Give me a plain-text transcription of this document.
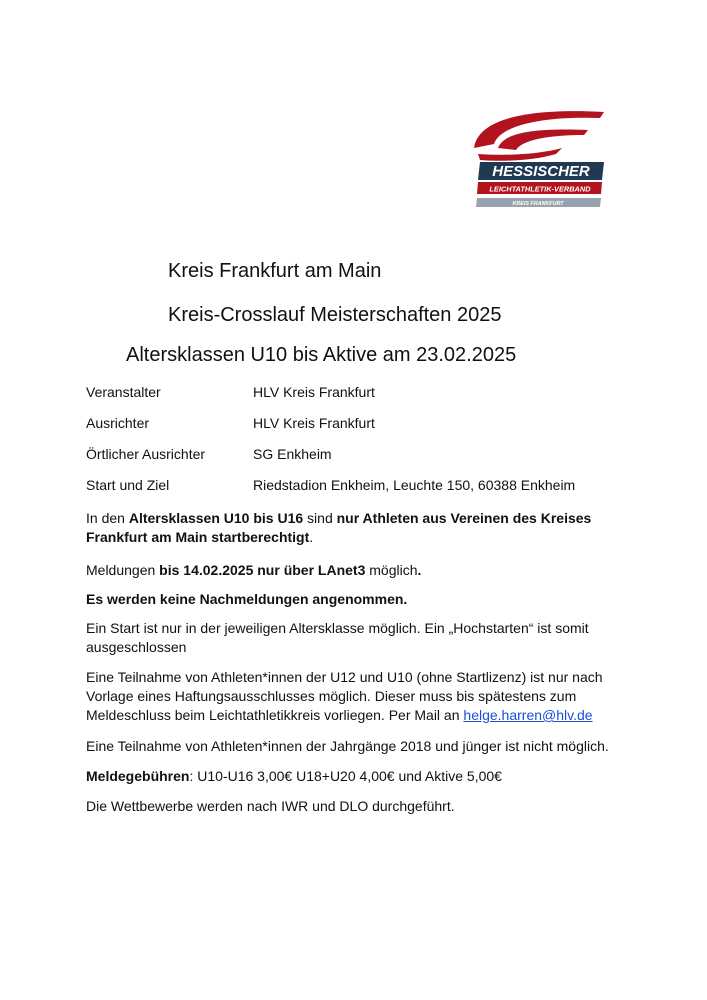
HESSISCHER
LEICHTATHLETIK-VERBAND
KREIS FRANKFURT
Kreis Frankfurt am Main
Kreis-Crosslauf Meisterschaften 2025
Altersklassen U10 bis Aktive am 23.02.2025
Veranstalter	HLV Kreis Frankfurt
Ausrichter	HLV Kreis Frankfurt
Örtlicher Ausrichter	SG Enkheim
Start und Ziel	Riedstadion Enkheim, Leuchte 150, 60388 Enkheim
In den Altersklassen U10 bis U16 sind nur Athleten aus Vereinen des Kreises Frankfurt am Main startberechtigt.
Meldungen bis 14.02.2025 nur über LAnet3 möglich.
Es werden keine Nachmeldungen angenommen.
Ein Start ist nur in der jeweiligen Altersklasse möglich. Ein „Hochstarten“ ist somit ausgeschlossen
Eine Teilnahme von Athleten*innen der U12 und U10 (ohne Startlizenz) ist nur nach Vorlage eines Haftungsausschlusses möglich. Dieser muss bis spätestens zum Meldeschluss beim Leichtathletikkreis vorliegen. Per Mail an helge.harren@hlv.de
Eine Teilnahme von Athleten*innen der Jahrgänge 2018 und jünger ist nicht möglich.
Meldegebühren: U10-U16 3,00€ U18+U20 4,00€ und Aktive 5,00€
Die Wettbewerbe werden nach IWR und DLO durchgeführt.
